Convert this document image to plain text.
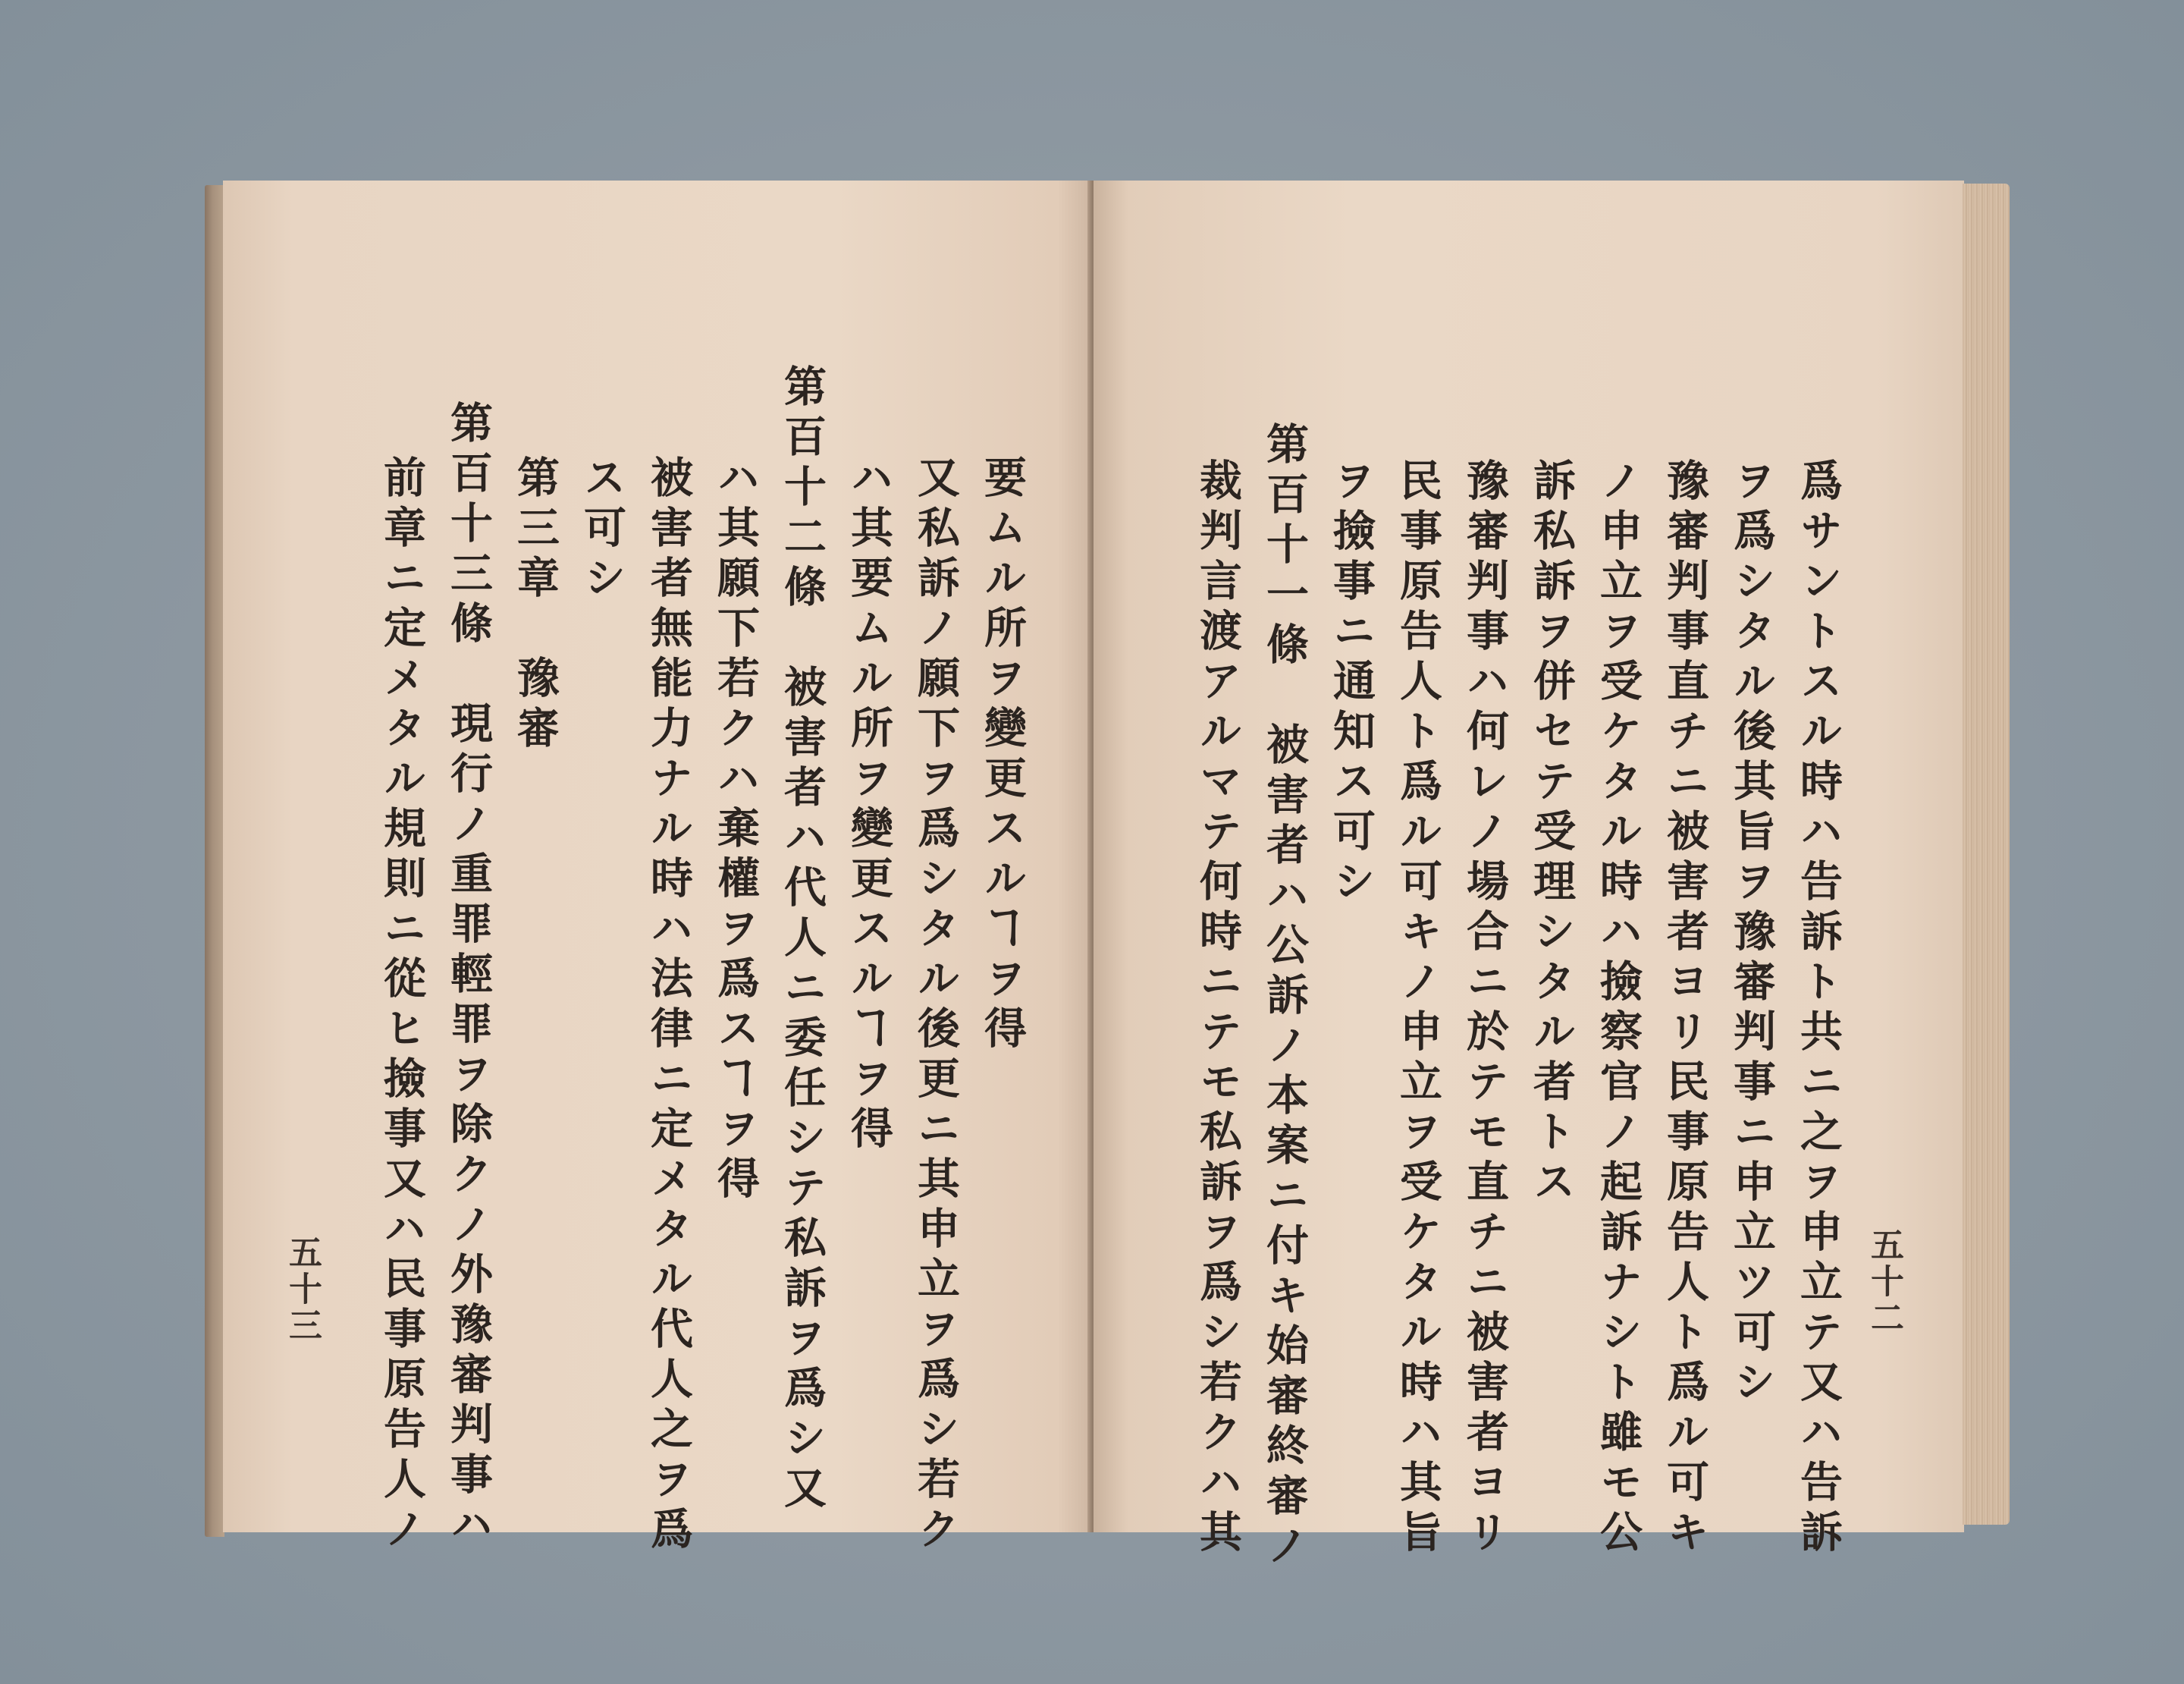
要ムル所ヲ變更スルヿヲ得
又私訴ノ願下ヲ爲シタル後更ニ其申立ヲ爲シ若ク
ハ其要ムル所ヲ變更スルヿヲ得
第百十二條　被害者ハ代人ニ委任シテ私訴ヲ爲シ又
ハ其願下若クハ棄權ヲ爲スヿヲ得
被害者無能力ナル時ハ法律ニ定メタル代人之ヲ爲
ス可シ
第三章　豫審
第百十三條　現行ノ重罪輕罪ヲ除クノ外豫審判事ハ
前章ニ定メタル規則ニ從ヒ撿事又ハ民事原告人ノ
五十三	爲サントスル時ハ告訴ト共ニ之ヲ申立テ又ハ告訴
ヲ爲シタル後其旨ヲ豫審判事ニ申立ツ可シ
豫審判事直チニ被害者ヨリ民事原告人ト爲ル可キ
ノ申立ヲ受ケタル時ハ撿察官ノ起訴ナシト雖モ公
訴私訴ヲ併セテ受理シタル者トス
豫審判事ハ何レノ場合ニ於テモ直チニ被害者ヨリ
民事原告人ト爲ル可キノ申立ヲ受ケタル時ハ其旨
ヲ撿事ニ通知ス可シ
第百十一條　被害者ハ公訴ノ本案ニ付キ始審終審ノ
裁判言渡アルマテ何時ニテモ私訴ヲ爲シ若クハ其	五十二
